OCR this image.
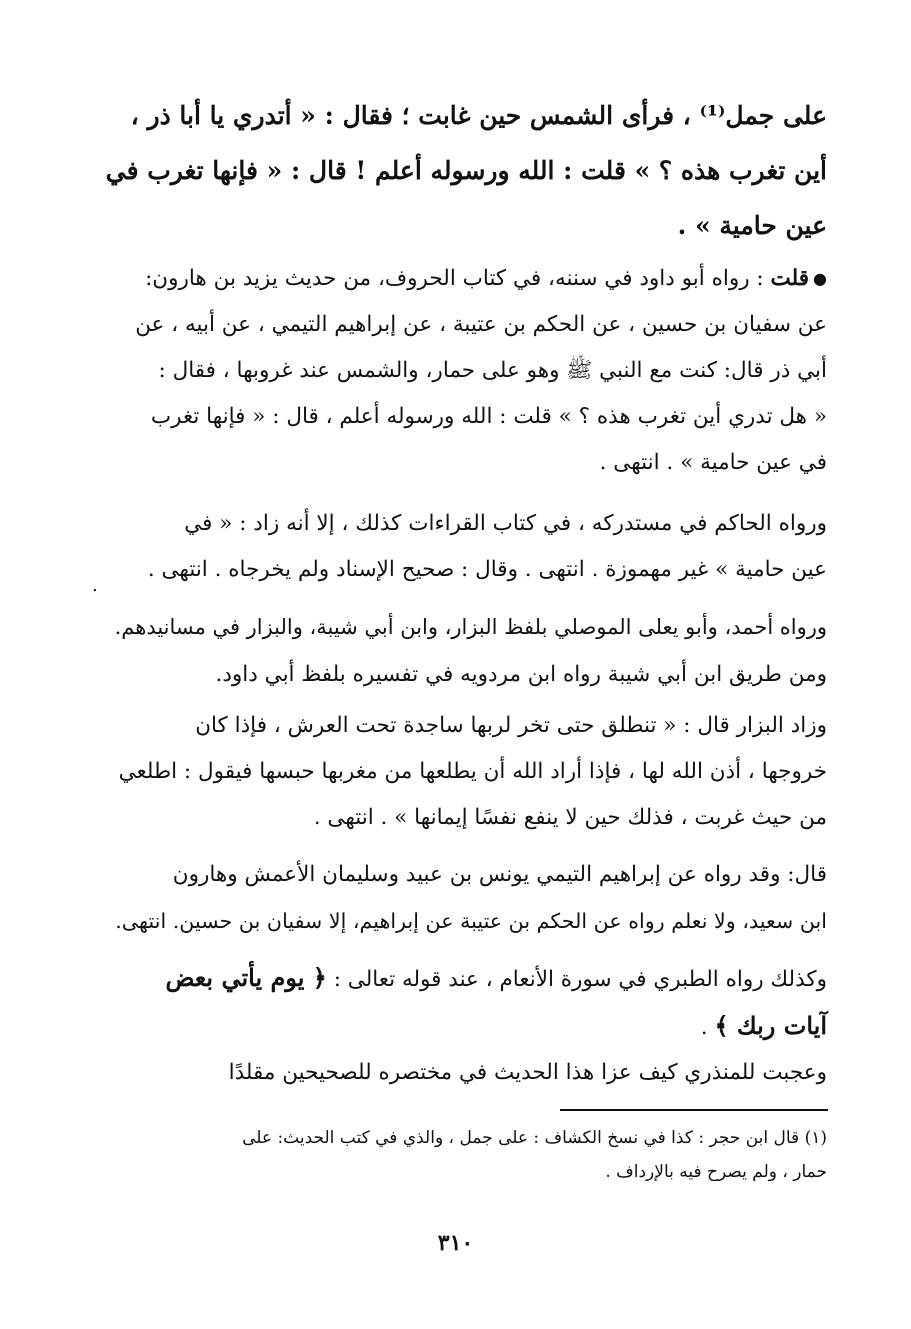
على جمل⁽¹⁾ ، فرأى الشمس حين غابت ؛ فقال : « أتدري يا أبا ذر ،
أين تغرب هذه ؟ » قلت : الله ورسوله أعلم ! قال : « فإنها تغرب في
عين حامية » .
●قلت : رواه أبو داود في سننه، في كتاب الحروف، من حديث يزيد بن هارون:
عن سفيان بن حسين ، عن الحكم بن عتيبة ، عن إبراهيم التيمي ، عن أبيه ، عن
أبي ذر قال: كنت مع النبي ﷺ وهو على حمار، والشمس عند غروبها ، فقال :
« هل تدري أين تغرب هذه ؟ » قلت : الله ورسوله أعلم ، قال : « فإنها تغرب
في عين حامية » . انتهى .
ورواه الحاكم في مستدركه ، في كتاب القراءات كذلك ، إلا أنه زاد : « في
عين حامية » غير مهموزة . انتهى . وقال : صحيح الإسناد ولم يخرجاه . انتهى .
.
ورواه أحمد، وأبو يعلى الموصلي بلفظ البزار، وابن أبي شيبة، والبزار في مسانيدهم.
ومن طريق ابن أبي شيبة رواه ابن مردويه في تفسيره بلفظ أبي داود.
وزاد البزار قال : « تنطلق حتى تخر لربها ساجدة تحت العرش ، فإذا كان
خروجها ، أذن الله لها ، فإذا أراد الله أن يطلعها من مغربها حبسها فيقول : اطلعي
من حيث غربت ، فذلك حين لا ينفع نفسًا إيمانها » . انتهى .
قال: وقد رواه عن إبراهيم التيمي يونس بن عبيد وسليمان الأعمش وهارون
ابن سعيد، ولا نعلم رواه عن الحكم بن عتيبة عن إبراهيم، إلا سفيان بن حسين. انتهى.
وكذلك رواه الطبري في سورة الأنعام ، عند قوله تعالى : ﴿ يوم يأتي بعض
آيات ربك ﴾ .
وعجبت للمنذري كيف عزا هذا الحديث في مختصره للصحيحين مقلدًا
(١) قال ابن حجر : كذا في نسخ الكشاف : على جمل ، والذي في كتب الحديث: على
حمار ، ولم يصرح فيه بالإرداف .
٣١٠
